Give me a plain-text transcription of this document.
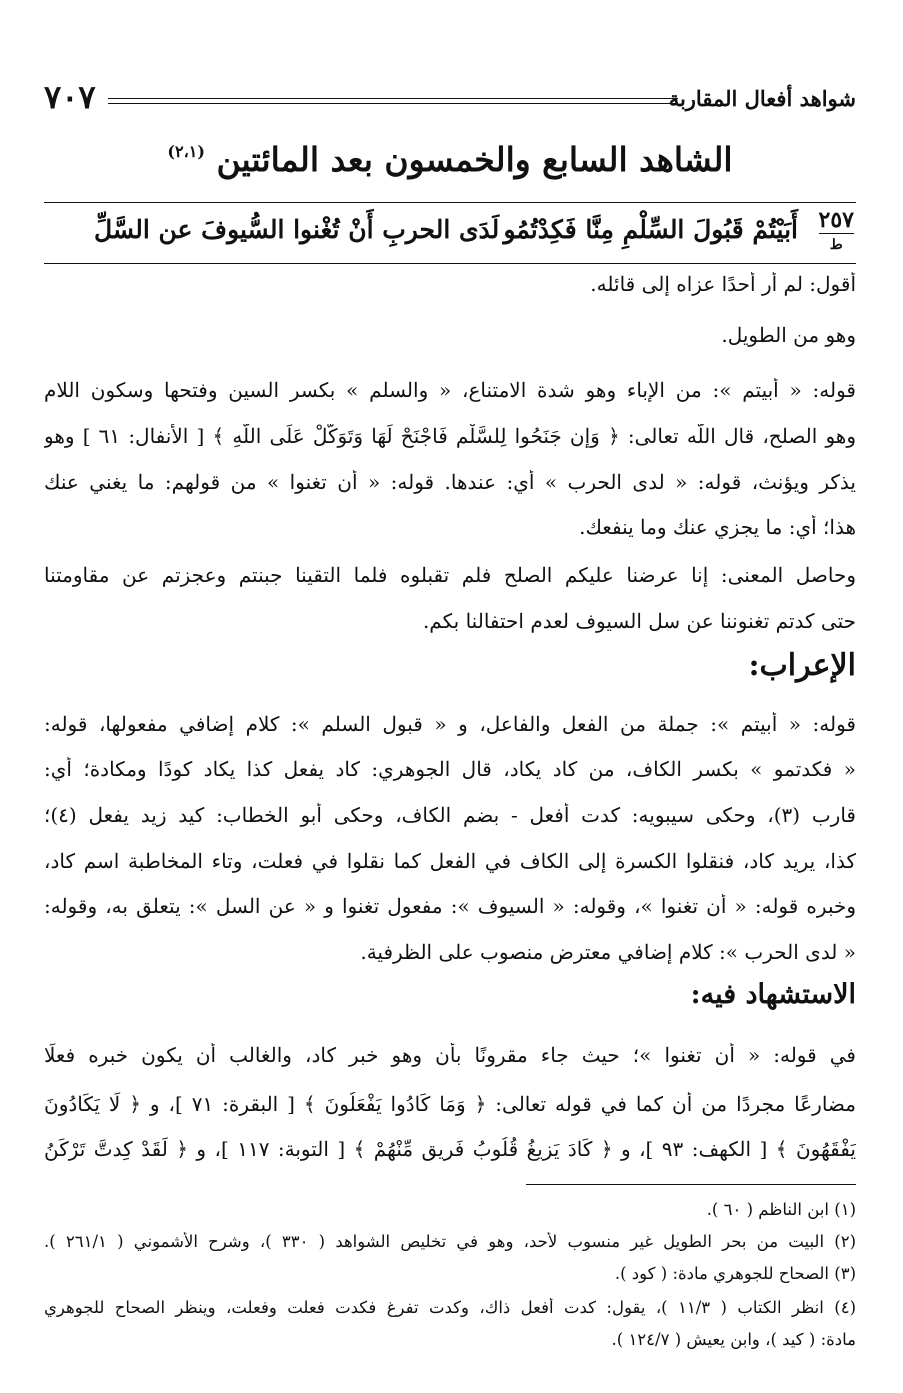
شواهد أفعال المقاربة
٧٠٧
الشاهد السابع والخمسون بعد المائتين $^{(٢،١)}$
٢٥٧
ط
أَبَيْتُمْ قَبُولَ السِّلْمِ مِنَّا فَكِدْتُمُو
لَدَى الحربِ أَنْ تُغْنوا السُّيوفَ عن السَّلِّ
أقول: لم أر أحدًا عزاه إلى قائله.
وهو من الطويل.
قوله: « أبيتم »: من الإباء وهو شدة الامتناع، « والسلم » بكسر السين وفتحها وسكون اللام
وهو الصلح، قال اللَّه تعالى: ﴿ وَإِن جَنَحُوا لِلسَّلْمِ فَاجْنَحْ لَهَا وَتَوَكَّلْ عَلَى اللَّهِ ﴾ [ الأنفال: ٦١ ] وهو
يذكر ويؤنث، قوله: « لدى الحرب » أي: عندها. قوله: « أن تغنوا » من قولهم: ما يغني عنك
هذا؛ أي: ما يجزي عنك وما ينفعك.
وحاصل المعنى: إنا عرضنا عليكم الصلح فلم تقبلوه فلما التقينا جبنتم وعجزتم عن مقاومتنا
حتى كدتم تغنوننا عن سل السيوف لعدم احتفالنا بكم.
الإعراب:
قوله: « أبيتم »: جملة من الفعل والفاعل، و « قبول السلم »: كلام إضافي مفعولها، قوله:
« فكدتمو » بكسر الكاف، من كاد يكاد، قال الجوهري: كاد يفعل كذا يكاد كودًا ومكادة؛ أي:
قارب (٣)، وحكى سيبويه: كدت أفعل - بضم الكاف، وحكى أبو الخطاب: كيد زيد يفعل (٤)؛
كذا، يريد كاد، فنقلوا الكسرة إلى الكاف في الفعل كما نقلوا في فعلت، وتاء المخاطبة اسم كاد،
وخبره قوله: « أن تغنوا »، وقوله: « السيوف »: مفعول تغنوا و « عن السل »: يتعلق به، وقوله:
« لدى الحرب »: كلام إضافي معترض منصوب على الظرفية.
الاستشهاد فيه:
في قوله: « أن تغنوا »؛ حيث جاء مقرونًا بأن وهو خبر كاد، والغالب أن يكون خبره فعلًا
مضارعًا مجردًا من أن كما في قوله تعالى: ﴿ وَمَا كَادُوا يَفْعَلُونَ ﴾ [ البقرة: ٧١ ]، و ﴿ لَا يَكَادُونَ
يَفْقَهُونَ ﴾ [ الكهف: ٩٣ ]، و ﴿ كَادَ يَزِيغُ قُلُوبُ فَرِيقٍ مِّنْهُمْ ﴾ [ التوبة: ١١٧ ]، و ﴿ لَقَدْ كِدتَّ تَرْكَنُ
(١) ابن الناظم ( ٦٠ ).
(٢) البيت من بحر الطويل غير منسوب لأحد، وهو في تخليص الشواهد ( ٣٣٠ )، وشرح الأشموني ( ٢٦١/١ ).
(٣) الصحاح للجوهري مادة: ( كود ).
(٤) انظر الكتاب ( ١١/٣ )، يقول: كدت أفعل ذاك، وكدت تفرغ فكدت فعلت وفعلت، وينظر الصحاح للجوهري
مادة: ( كيد )، وابن يعيش ( ١٢٤/٧ ).
